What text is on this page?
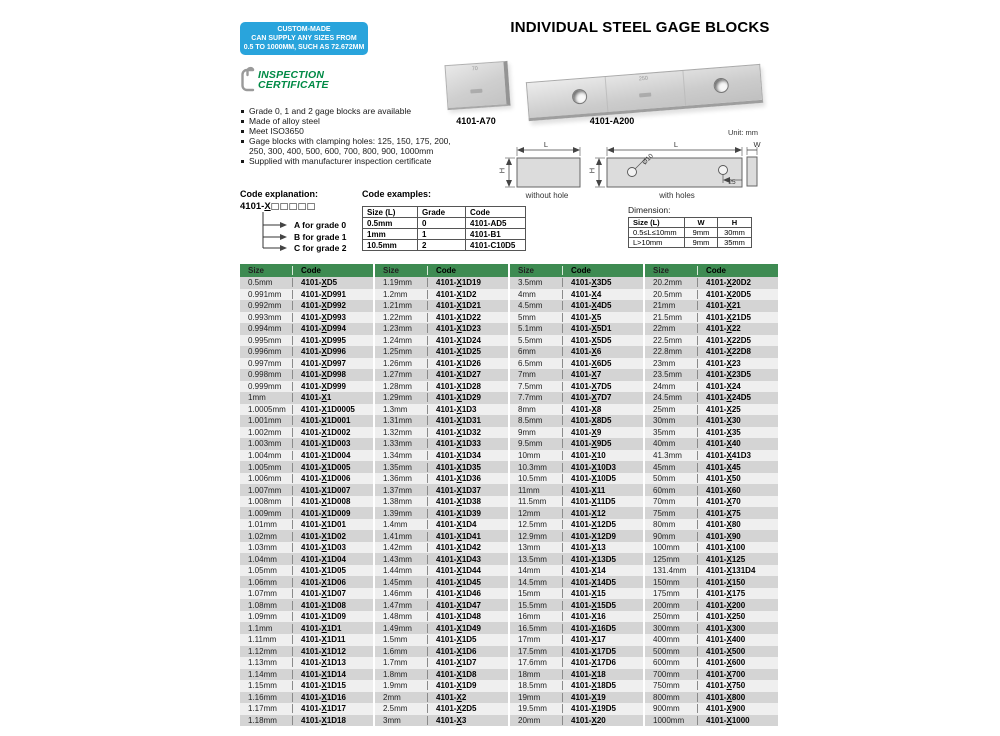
INDIVIDUAL STEEL GAGE BLOCKS
CUSTOM-MADE
CAN SUPPLY ANY SIZES FROM
0.5 TO 1000MM, SUCH AS 72.672MM
INSPECTION
CERTIFICATE
Grade 0, 1 and 2 gage blocks are available
Made of alloy steel
Meet ISO3650
Gage blocks with clamping holes: 125, 150, 175, 200, 250, 300, 400, 500, 600, 700, 800, 900, 1000mm
Supplied with manufacturer inspection certificate
70
250
4101-A70	4101-A200
Unit: mm
L
H
L
H
Ø10
25
W
without hole	with holes
Code explanation:
4101-X□□□□□
A for grade 0
B for grade 1
C for grade 2
Code examples:
Size (L)	Grade	Code
0.5mm	0	4101-AD5
1mm	1	4101-B1
10.5mm	2	4101-C10D5
Dimension:
Size (L)	W	H
0.5≤L≤10mm	9mm	30mm
L>10mm	9mm	35mm
Size	Code
0.5mm	4101-XD5
0.991mm	4101-XD991
0.992mm	4101-XD992
0.993mm	4101-XD993
0.994mm	4101-XD994
0.995mm	4101-XD995
0.996mm	4101-XD996
0.997mm	4101-XD997
0.998mm	4101-XD998
0.999mm	4101-XD999
1mm	4101-X1
1.0005mm	4101-X1D0005
1.001mm	4101-X1D001
1.002mm	4101-X1D002
1.003mm	4101-X1D003
1.004mm	4101-X1D004
1.005mm	4101-X1D005
1.006mm	4101-X1D006
1.007mm	4101-X1D007
1.008mm	4101-X1D008
1.009mm	4101-X1D009
1.01mm	4101-X1D01
1.02mm	4101-X1D02
1.03mm	4101-X1D03
1.04mm	4101-X1D04
1.05mm	4101-X1D05
1.06mm	4101-X1D06
1.07mm	4101-X1D07
1.08mm	4101-X1D08
1.09mm	4101-X1D09
1.1mm	4101-X1D1
1.11mm	4101-X1D11
1.12mm	4101-X1D12
1.13mm	4101-X1D13
1.14mm	4101-X1D14
1.15mm	4101-X1D15
1.16mm	4101-X1D16
1.17mm	4101-X1D17
1.18mm	4101-X1D18
Size	Code
1.19mm	4101-X1D19
1.2mm	4101-X1D2
1.21mm	4101-X1D21
1.22mm	4101-X1D22
1.23mm	4101-X1D23
1.24mm	4101-X1D24
1.25mm	4101-X1D25
1.26mm	4101-X1D26
1.27mm	4101-X1D27
1.28mm	4101-X1D28
1.29mm	4101-X1D29
1.3mm	4101-X1D3
1.31mm	4101-X1D31
1.32mm	4101-X1D32
1.33mm	4101-X1D33
1.34mm	4101-X1D34
1.35mm	4101-X1D35
1.36mm	4101-X1D36
1.37mm	4101-X1D37
1.38mm	4101-X1D38
1.39mm	4101-X1D39
1.4mm	4101-X1D4
1.41mm	4101-X1D41
1.42mm	4101-X1D42
1.43mm	4101-X1D43
1.44mm	4101-X1D44
1.45mm	4101-X1D45
1.46mm	4101-X1D46
1.47mm	4101-X1D47
1.48mm	4101-X1D48
1.49mm	4101-X1D49
1.5mm	4101-X1D5
1.6mm	4101-X1D6
1.7mm	4101-X1D7
1.8mm	4101-X1D8
1.9mm	4101-X1D9
2mm	4101-X2
2.5mm	4101-X2D5
3mm	4101-X3
Size	Code
3.5mm	4101-X3D5
4mm	4101-X4
4.5mm	4101-X4D5
5mm	4101-X5
5.1mm	4101-X5D1
5.5mm	4101-X5D5
6mm	4101-X6
6.5mm	4101-X6D5
7mm	4101-X7
7.5mm	4101-X7D5
7.7mm	4101-X7D7
8mm	4101-X8
8.5mm	4101-X8D5
9mm	4101-X9
9.5mm	4101-X9D5
10mm	4101-X10
10.3mm	4101-X10D3
10.5mm	4101-X10D5
11mm	4101-X11
11.5mm	4101-X11D5
12mm	4101-X12
12.5mm	4101-X12D5
12.9mm	4101-X12D9
13mm	4101-X13
13.5mm	4101-X13D5
14mm	4101-X14
14.5mm	4101-X14D5
15mm	4101-X15
15.5mm	4101-X15D5
16mm	4101-X16
16.5mm	4101-X16D5
17mm	4101-X17
17.5mm	4101-X17D5
17.6mm	4101-X17D6
18mm	4101-X18
18.5mm	4101-X18D5
19mm	4101-X19
19.5mm	4101-X19D5
20mm	4101-X20
Size	Code
20.2mm	4101-X20D2
20.5mm	4101-X20D5
21mm	4101-X21
21.5mm	4101-X21D5
22mm	4101-X22
22.5mm	4101-X22D5
22.8mm	4101-X22D8
23mm	4101-X23
23.5mm	4101-X23D5
24mm	4101-X24
24.5mm	4101-X24D5
25mm	4101-X25
30mm	4101-X30
35mm	4101-X35
40mm	4101-X40
41.3mm	4101-X41D3
45mm	4101-X45
50mm	4101-X50
60mm	4101-X60
70mm	4101-X70
75mm	4101-X75
80mm	4101-X80
90mm	4101-X90
100mm	4101-X100
125mm	4101-X125
131.4mm	4101-X131D4
150mm	4101-X150
175mm	4101-X175
200mm	4101-X200
250mm	4101-X250
300mm	4101-X300
400mm	4101-X400
500mm	4101-X500
600mm	4101-X600
700mm	4101-X700
750mm	4101-X750
800mm	4101-X800
900mm	4101-X900
1000mm	4101-X1000
